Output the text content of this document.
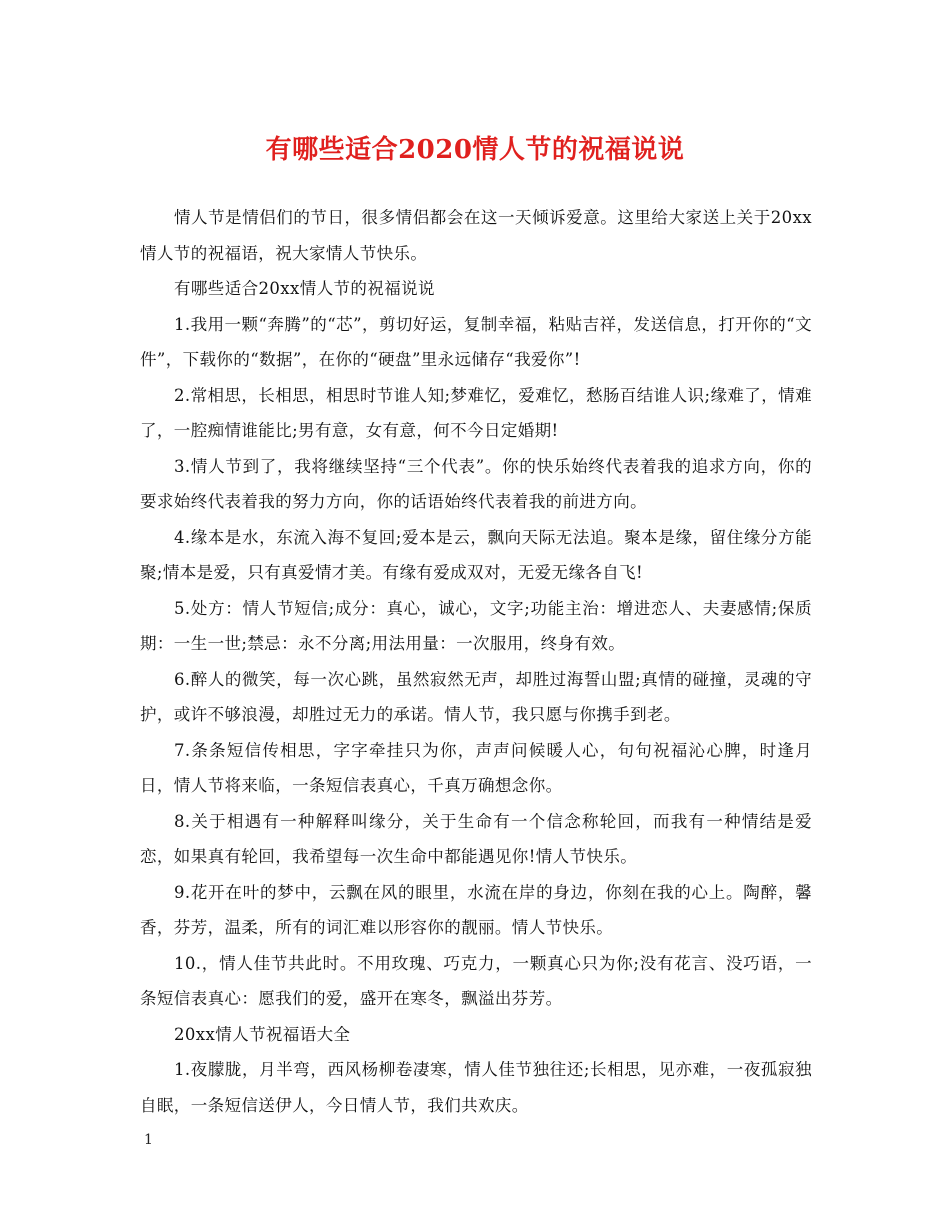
有哪些适合2020情人节的祝福说说

情人节是情侣们的节日，很多情侣都会在这一天倾诉爱意。这里给大家送上关于20xx情人节的祝福语，祝大家情人节快乐。

有哪些适合20xx情人节的祝福说说

1.我用一颗“奔腾”的“芯”，剪切好运，复制幸福，粘贴吉祥，发送信息，打开你的“文件”，下载你的“数据”，在你的“硬盘”里永远储存“我爱你”!

2.常相思，长相思，相思时节谁人知;梦难忆，爱难忆，愁肠百结谁人识;缘难了，情难了，一腔痴情谁能比;男有意，女有意，何不今日定婚期!

3.情人节到了，我将继续坚持“三个代表”。你的快乐始终代表着我的追求方向，你的要求始终代表着我的努力方向，你的话语始终代表着我的前进方向。

4.缘本是水，东流入海不复回;爱本是云，飘向天际无法追。聚本是缘，留住缘分方能聚;情本是爱，只有真爱情才美。有缘有爱成双对，无爱无缘各自飞!

5.处方：情人节短信;成分：真心，诚心，文字;功能主治：增进恋人、夫妻感情;保质期：一生一世;禁忌：永不分离;用法用量：一次服用，终身有效。

6.醉人的微笑，每一次心跳，虽然寂然无声，却胜过海誓山盟;真情的碰撞，灵魂的守护，或许不够浪漫，却胜过无力的承诺。情人节，我只愿与你携手到老。

7.条条短信传相思，字字牵挂只为你，声声问候暖人心，句句祝福沁心脾，时逢月日，情人节将来临，一条短信表真心，千真万确想念你。

8.关于相遇有一种解释叫缘分，关于生命有一个信念称轮回，而我有一种情结是爱恋，如果真有轮回，我希望每一次生命中都能遇见你!情人节快乐。

9.花开在叶的梦中，云飘在风的眼里，水流在岸的身边，你刻在我的心上。陶醉，馨香，芬芳，温柔，所有的词汇难以形容你的靓丽。情人节快乐。

10.，情人佳节共此时。不用玫瑰、巧克力，一颗真心只为你;没有花言、没巧语，一条短信表真心：愿我们的爱，盛开在寒冬，飘溢出芬芳。

20xx情人节祝福语大全

1.夜朦胧，月半弯，西风杨柳卷凄寒，情人佳节独往还;长相思，见亦难，一夜孤寂独自眠，一条短信送伊人，今日情人节，我们共欢庆。

1
